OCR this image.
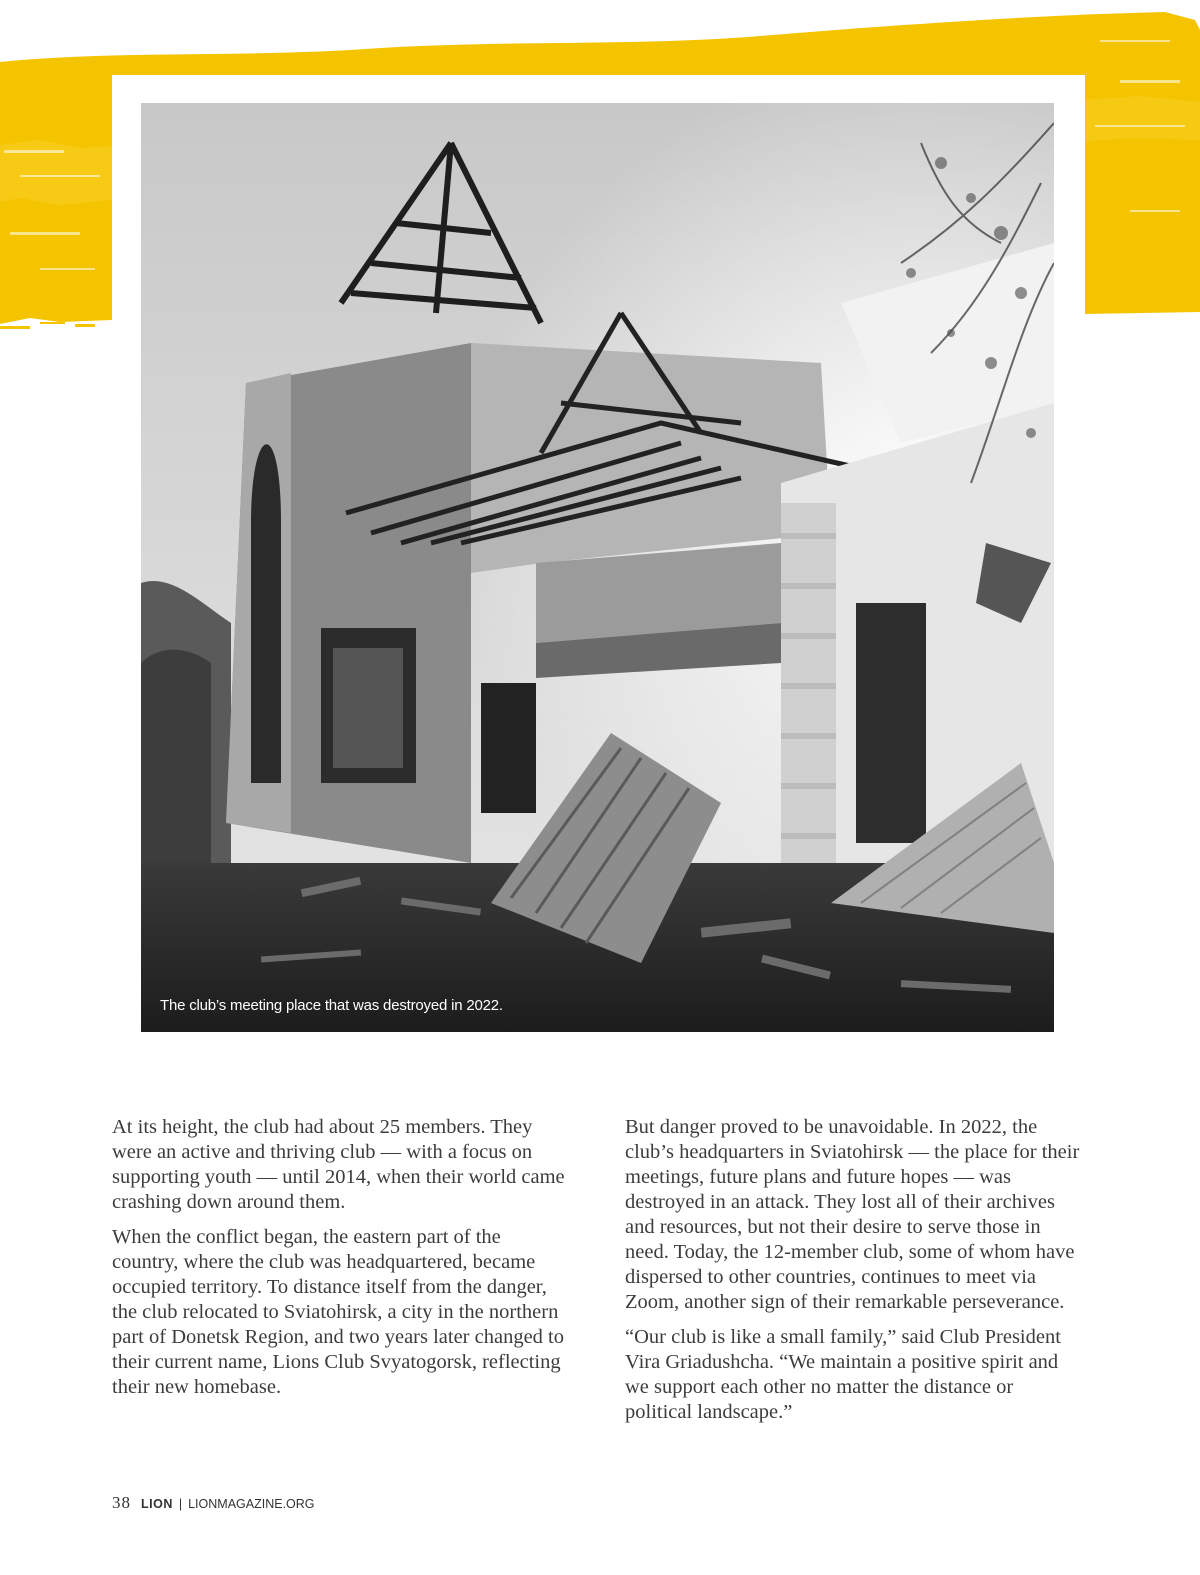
The club’s meeting place that was destroyed in 2022.

At its height, the club had about 25 members. They were an active and thriving club — with a focus on supporting youth — until 2014, when their world came crashing down around them.

When the conflict began, the eastern part of the country, where the club was headquartered, became occupied territory. To distance itself from the danger, the club relocated to Sviatohirsk, a city in the northern part of Donetsk Region, and two years later changed to their current name, Lions Club Svyatogorsk, reflecting their new homebase.

But danger proved to be unavoidable. In 2022, the club’s headquarters in Sviatohirsk — the place for their meetings, future plans and future hopes — was destroyed in an attack. They lost all of their archives and resources, but not their desire to serve those in need. Today, the 12-member club, some of whom have dispersed to other countries, continues to meet via Zoom, another sign of their remarkable perseverance.

“Our club is like a small family,” said Club President Vira Griadushcha. “We maintain a positive spirit and we support each other no matter the distance or political landscape.”

38 LION | LIONMAGAZINE.ORG
